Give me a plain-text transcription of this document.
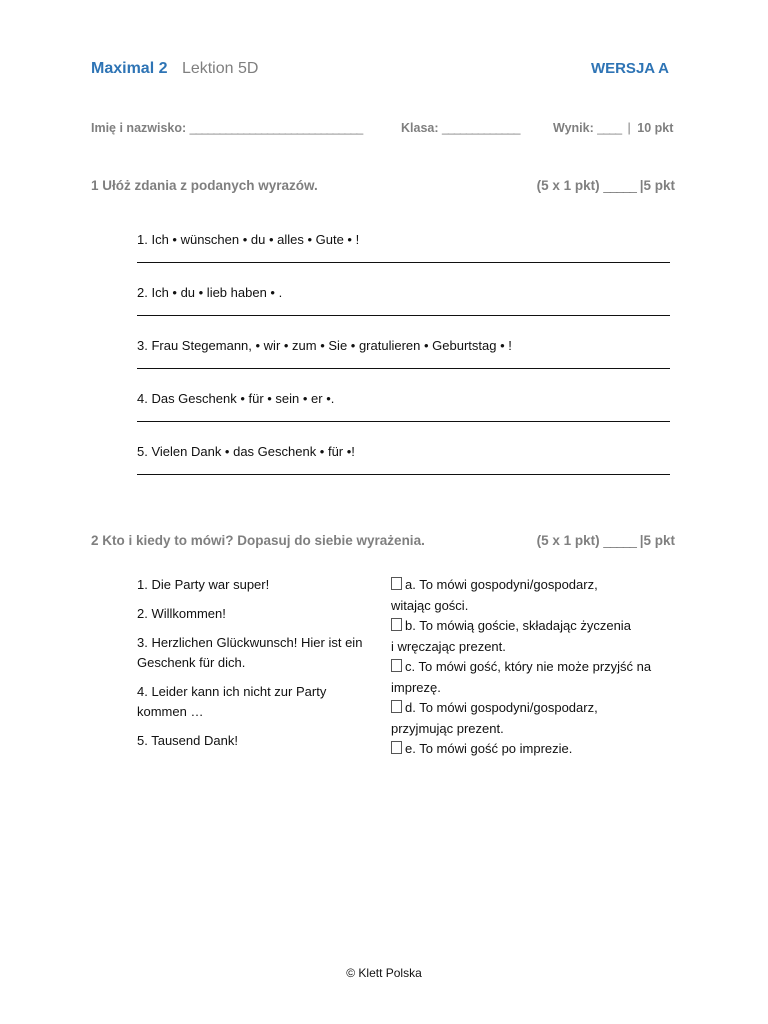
Maximal 2 Lektion 5D	WERSJA A
Imię i nazwisko: _____________________________	Klasa: _____________	Wynik: ____ | 10 pkt
1 Ułóż zdania z podanych wyrazów.	(5 x 1 pkt) _____ |5 pkt
1. Ich • wünschen • du • alles • Gute • !
2. Ich • du • lieb haben • .
3. Frau Stegemann, • wir • zum • Sie • gratulieren • Geburtstag • !
4. Das Geschenk • für • sein • er •.
5. Vielen Dank • das Geschenk • für •!
2 Kto i kiedy to mówi? Dopasuj do siebie wyrażenia.	(5 x 1 pkt) _____ |5 pkt
1. Die Party war super!
2. Willkommen!
3. Herzlichen Glückwunsch! Hier ist ein Geschenk für dich.
4. Leider kann ich nicht zur Party kommen …
5. Tausend Dank!
a. To mówi gospodyni/gospodarz,
witając gości.
b. To mówią goście, składając życzenia
i wręczając prezent.
c. To mówi gość, który nie może przyjść na
imprezę.
d. To mówi gospodyni/gospodarz,
przyjmując prezent.
e. To mówi gość po imprezie.
© Klett Polska
